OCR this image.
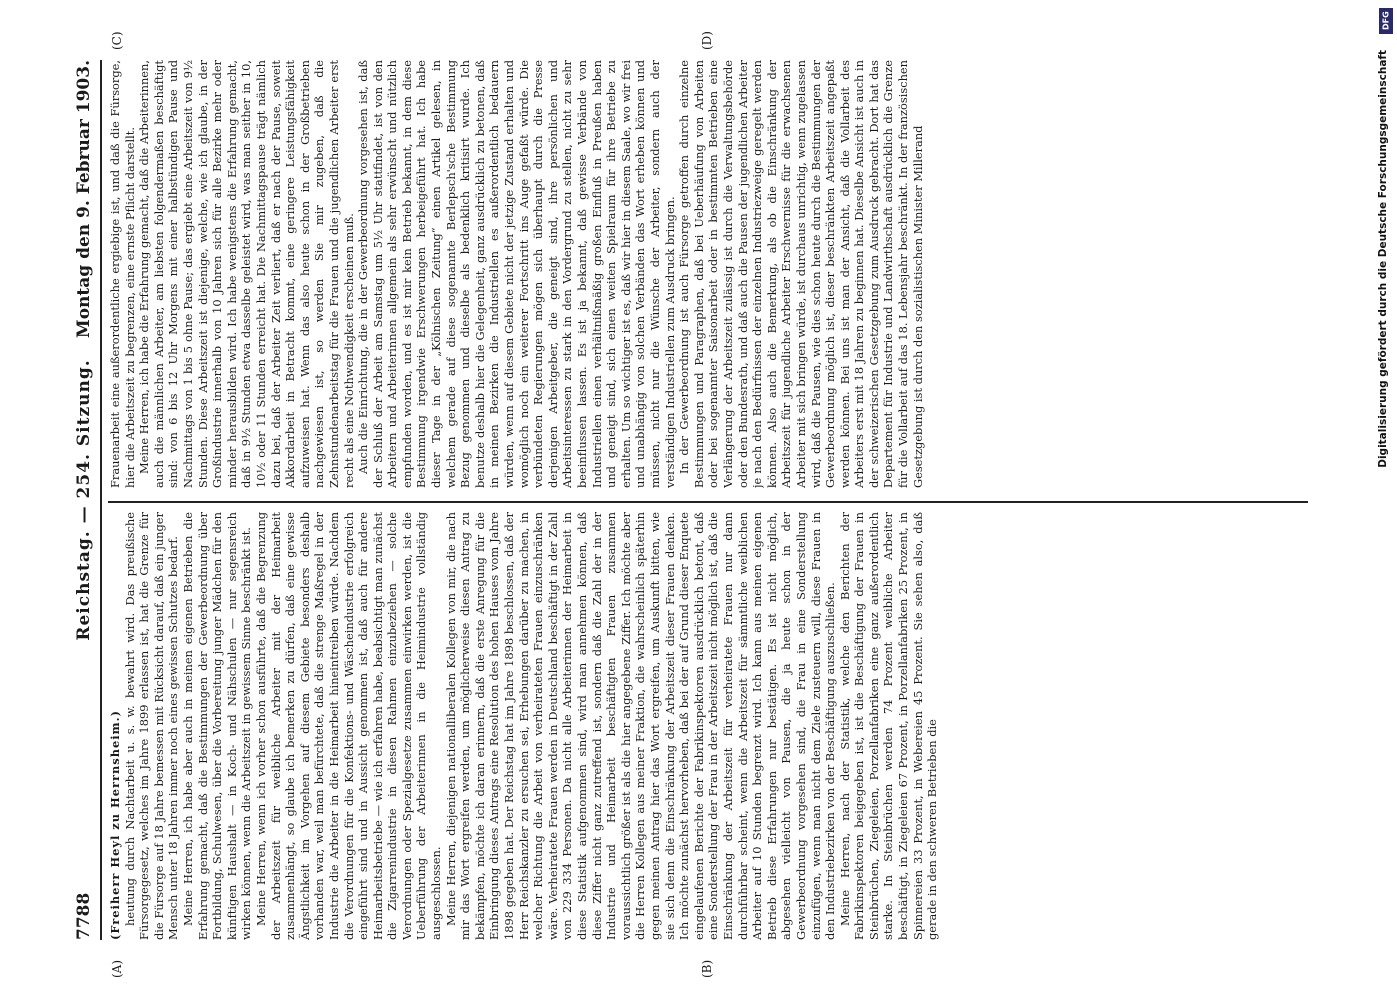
7788
Reichstag. — 254. Sitzung.
Montag den 9. Februar 1903.

(Freiherr Heyl zu Herrnsheim.) heutung durch Nachtarbeit u. s. w. bewahrt wird. Das preußische Fürsorgegesetz, welches im Jahre 1899 erlassen ist, hat die Grenze für die Fürsorge auf 18 Jahre bemessen mit Rücksicht darauf, daß ein junger Mensch unter 18 Jahren immer noch eines gewissen Schutzes bedarf. Meine Herren, ich habe aber auch in meinen eigenen Betrieben die Erfahrung gemacht, daß die Bestimmungen der Gewerbeordnung über Fortbildung, Schulwesen, über die Vorbereitung junger Mädchen für den künftigen Haushalt — in Koch- und Nähschulen — nur segensreich wirken können, wenn die Arbeitszeit in gewissem Sinne beschränkt ist. Meine Herren, wenn ich vorher schon ausführte, daß die Begrenzung der Arbeitszeit für weibliche Arbeiter mit der Heimarbeit zusammenhängt, so glaube ich bemerken zu dürfen, daß eine gewisse Ängstlichkeit im Vorgehen auf diesem Gebiete besonders deshalb vorhanden war, weil man befürchtete, daß die strenge Maßregel in der Industrie die Arbeiter in die Heimarbeit hineintreiben würde. Nachdem die Verordnungen für die Konfektions- und Wäscheindustrie erfolgreich eingeführt sind und in Aussicht genommen ist, daß auch für andere Heimarbeitsbetriebe — wie ich erfahren habe, beabsichtigt man zunächst die Zigarrenindustrie in diesen Rahmen einzubeziehen — solche Verordnungen oder Spezialgesetze zusammen einwirken werden, ist die Ueberführung der Arbeiterinnen in die Heimindustrie vollständig ausgeschlossen. Meine Herren, diejenigen nationalliberalen Kollegen von mir, die nach mir das Wort ergreifen werden, um möglicherweise diesen Antrag zu bekämpfen, möchte ich daran erinnern, daß die erste Anregung für die Einbringung dieses Antrags eine Resolution des hohen Hauses vom Jahre 1898 gegeben hat. Der Reichstag hat im Jahre 1898 beschlossen, daß der Herr Reichskanzler zu ersuchen sei, Erhebungen darüber zu machen, in welcher Richtung die Arbeit von verheirateten Frauen einzuschränken wäre. Verheiratete Frauen werden in Deutschland beschäftigt in der Zahl von 229 334 Personen. Da nicht alle Arbeiterinnen der Heimarbeit in diese Statistik aufgenommen sind, wird man annehmen können, daß diese Ziffer nicht ganz zutreffend ist, sondern daß die Zahl der in der Industrie und Heimarbeit beschäftigten Frauen zusammen voraussichtlich größer ist als die hier angegebene Ziffer. Ich möchte aber die Herren Kollegen aus meiner Fraktion, die wahrscheinlich späterhin gegen meinen Antrag hier das Wort ergreifen, um Auskunft bitten, wie sie sich denn die Einschränkung der Arbeitszeit dieser Frauen denken. Ich möchte zunächst hervorheben, daß bei der auf Grund dieser Enquete eingelaufenen Berichte der Fabrikinspektoren ausdrücklich betont, daß eine Sonderstellung der Frau in der Arbeitszeit nicht möglich ist, daß die Einschränkung der Arbeitszeit für verheiratete Frauen nur dann durchführbar scheint, wenn die Arbeitszeit für sämmtliche weiblichen Arbeiter auf 10 Stunden begrenzt wird. Ich kann aus meinen eigenen Betrieb diese Erfahrungen nur bestätigen. Es ist nicht möglich, abgesehen vielleicht von Pausen, die ja heute schon in der Gewerbeordnung vorgesehen sind, die Frau in eine Sonderstellung einzufügen, wenn man nicht dem Ziele zusteuern will, diese Frauen in den Industriebezirken von der Beschäftigung auszuschließen. Meine Herren, nach der Statistik, welche den Berichten der Fabrikinspektoren beigegeben ist, ist die Beschäftigung der Frauen in Steinbrüchen, Ziegeleien, Porzellanfabriken eine ganz außerordentlich starke. In Steinbrüchen werden 74 Prozent weibliche Arbeiter beschäftigt, in Ziegeleien 67 Prozent, in Porzellanfabriken 25 Prozent, in Spinnereien 33 Prozent, in Webereien 45 Prozent. Sie sehen also, daß gerade in den schweren Betrieben die

Frauenarbeit eine außerordentliche ergiebige ist, und daß die Fürsorge, hier die Arbeitszeit zu begrenzen, eine ernste Pflicht darstellt. Meine Herren, ich habe die Erfahrung gemacht, daß die Arbeiterinnen, auch die männlichen Arbeiter, am liebsten folgendermaßen beschäftigt sind: von 6 bis 12 Uhr Morgens mit einer halbstündigen Pause und Nachmittags von 1 bis 5 ohne Pause; das ergiebt eine Arbeitszeit von 9½ Stunden. Diese Arbeitszeit ist diejenige, welche, wie ich glaube, in der Großindustrie innerhalb von 10 Jahren sich für alle Bezirke mehr oder minder herausbilden wird. Ich habe wenigstens die Erfahrung gemacht, daß in 9½ Stunden etwa dasselbe geleistet wird, was man seither in 10, 10½ oder 11 Stunden erreicht hat. Die Nachmittagspause trägt nämlich dazu bei, daß der Arbeiter Zeit verliert, daß er nach der Pause, soweit Akkordarbeit in Betracht kommt, eine geringere Leistungsfähigkeit aufzuweisen hat. Wenn das also heute schon in der Großbetrieben nachgewiesen ist, so werden Sie mir zugeben, daß die Zehnstundenarbeitstag für die Frauen und die jugendlichen Arbeiter erst recht als eine Nothwendigkeit erscheinen muß. Auch die Einrichtung, die in der Gewerbeordnung vorgesehen ist, daß der Schluß der Arbeit am Samstag um 5½ Uhr stattfindet, ist von den Arbeitern und Arbeiterinnen allgemein als sehr erwünscht und nützlich empfunden worden, und es ist mir kein Betrieb bekannt, in dem diese Bestimmung irgendwie Erschwerungen herbeigeführt hat. Ich habe dieser Tage in der „Kölnischen Zeitung“ einen Artikel gelesen, in welchem gerade auf diese sogenannte Berlepsch'sche Bestimmung Bezug genommen und dieselbe als bedenklich kritisirt wurde. Ich benutze deshalb hier die Gelegenheit, ganz ausdrücklich zu betonen, daß in meinen Bezirken die Industriellen es außerordentlich bedauern würden, wenn auf diesem Gebiete nicht der jetzige Zustand erhalten und womöglich noch ein weiterer Fortschritt ins Auge gefaßt würde. Die verbündeten Regierungen mögen sich überhaupt durch die Presse derjenigen Arbeitgeber, die geneigt sind, ihre persönlichen und Arbeitsinteressen zu stark in den Vordergrund zu stellen, nicht zu sehr beeinflussen lassen. Es ist ja bekannt, daß gewisse Verbände von Industriellen einen verhältnißmäßig großen Einfluß in Preußen haben und geneigt sind, sich einen weiten Spielraum für ihre Betriebe zu erhalten. Um so wichtiger ist es, daß wir hier in diesem Saale, wo wir frei und unabhängig von solchen Verbänden das Wort erheben können und müssen, nicht nur die Wünsche der Arbeiter, sondern auch der verständigen Industriellen zum Ausdruck bringen. In der Gewerbeordnung ist auch Fürsorge getroffen durch einzelne Bestimmungen und Paragraphen, daß bei Ueberhäufung von Arbeiten oder bei sogenannter Saisonarbeit oder in bestimmten Betrieben eine Verlängerung der Arbeitszeit zulässig ist durch die Verwaltungsbehörde oder den Bundesrath, und daß auch die Pausen der jugendlichen Arbeiter je nach den Bedürfnissen der einzelnen Industriezweige geregelt werden können. Also auch die Bemerkung, als ob die Einschränkung der Arbeitszeit für jugendliche Arbeiter Erschwernisse für die erwachsenen Arbeiter mit sich bringen würde, ist durchaus unrichtig, wenn zugelassen wird, daß die Pausen, wie dies schon heute durch die Bestimmungen der Gewerbeordnung möglich ist, dieser beschränkten Arbeitszeit angepaßt werden können. Bei uns ist man der Ansicht, daß die Vollarbeit des Arbeiters erst mit 18 Jahren zu beginnen hat. Dieselbe Ansicht ist auch in der schweizerischen Gesetzgebung zum Ausdruck gebracht. Dort hat das Departement für Industrie und Landwirthschaft ausdrücklich die Grenze für die Vollarbeit auf das 18. Lebensjahr beschränkt. In der französischen Gesetzgebung ist durch den sozialistischen Minister Millerand

(A)	(B)
(C)	(D)
Digitalisierung gefördert durch die Deutsche Forschungsgemeinschaft
DFG
